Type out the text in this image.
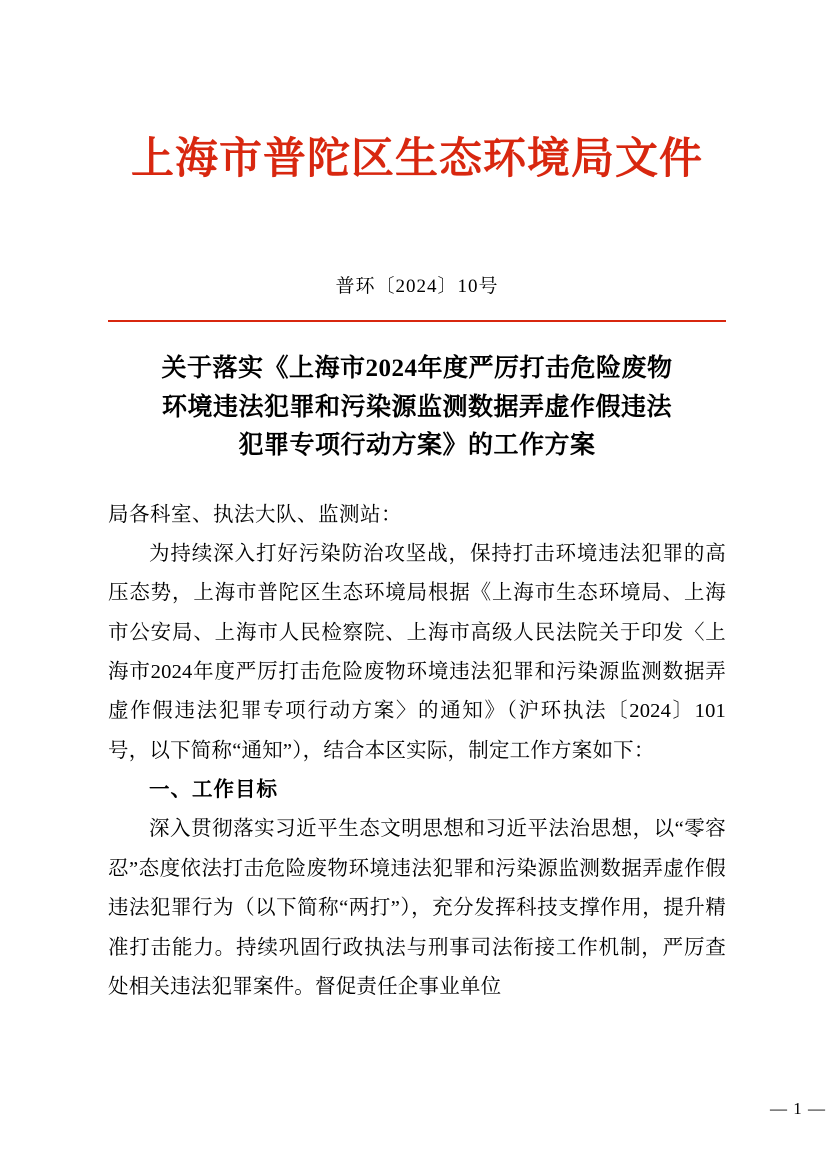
上海市普陀区生态环境局文件
普环〔2024〕10号
关于落实《上海市2024年度严厉打击危险废物
环境违法犯罪和污染源监测数据弄虚作假违法
犯罪专项行动方案》的工作方案
局各科室、执法大队、监测站：

为持续深入打好污染防治攻坚战，保持打击环境违法犯罪的高压态势，上海市普陀区生态环境局根据《上海市生态环境局、上海市公安局、上海市人民检察院、上海市高级人民法院关于印发〈上海市2024年度严厉打击危险废物环境违法犯罪和污染源监测数据弄虚作假违法犯罪专项行动方案〉的通知》（沪环执法〔2024〕101号，以下简称“通知”），结合本区实际，制定工作方案如下：

一、工作目标

深入贯彻落实习近平生态文明思想和习近平法治思想，以“零容忍”态度依法打击危险废物环境违法犯罪和污染源监测数据弄虚作假违法犯罪行为（以下简称“两打”），充分发挥科技支撑作用，提升精准打击能力。持续巩固行政执法与刑事司法衔接工作机制，严厉查处相关违法犯罪案件。督促责任企事业单位

— 1 —
